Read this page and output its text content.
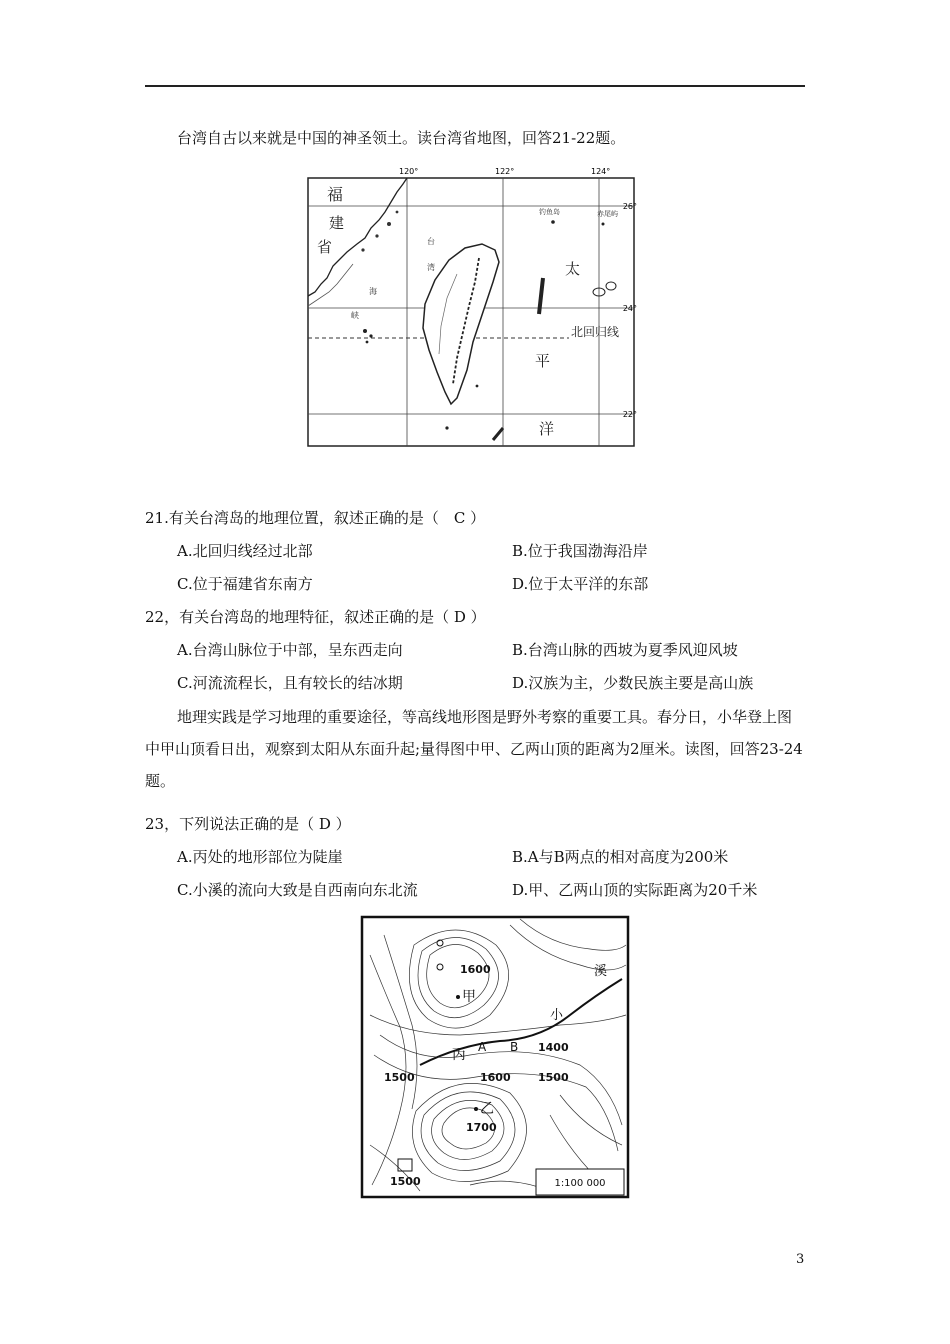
台湾自古以来就是中国的神圣领土。读台湾省地图，回答21-22题。
120°	122°	124°
26°
24°
22°
福
建
省	台
湾
海
峡
钓鱼岛	赤尾屿
太
平
洋
北回归线
21.有关台湾岛的地理位置，叙述正确的是（　C ）
A.北回归线经过北部	B.位于我国渤海沿岸
C.位于福建省东南方	D.位于太平洋的东部
22，有关台湾岛的地理特征，叙述正确的是（ D ）
A.台湾山脉位于中部，呈东西走向	B.台湾山脉的西坡为夏季风迎风坡
C.河流流程长，且有较长的结冰期	D.汉族为主，少数民族主要是高山族
地理实践是学习地理的重要途径，等高线地形图是野外考察的重要工具。春分日，小华登上图中甲山顶看日出，观察到太阳从东面升起;量得图中甲、乙两山顶的距离为2厘米。读图，回答23-24题。
23，下列说法正确的是（ D ）
A.丙处的地形部位为陡崖	B.A与B两点的相对高度为200米
C.小溪的流向大致是自西南向东北流	D.甲、乙两山顶的实际距离为20千米
1600
1400
1500	1600 1500
1700
1500
甲
乙
丙 A B
小
溪
1:100 000
3
